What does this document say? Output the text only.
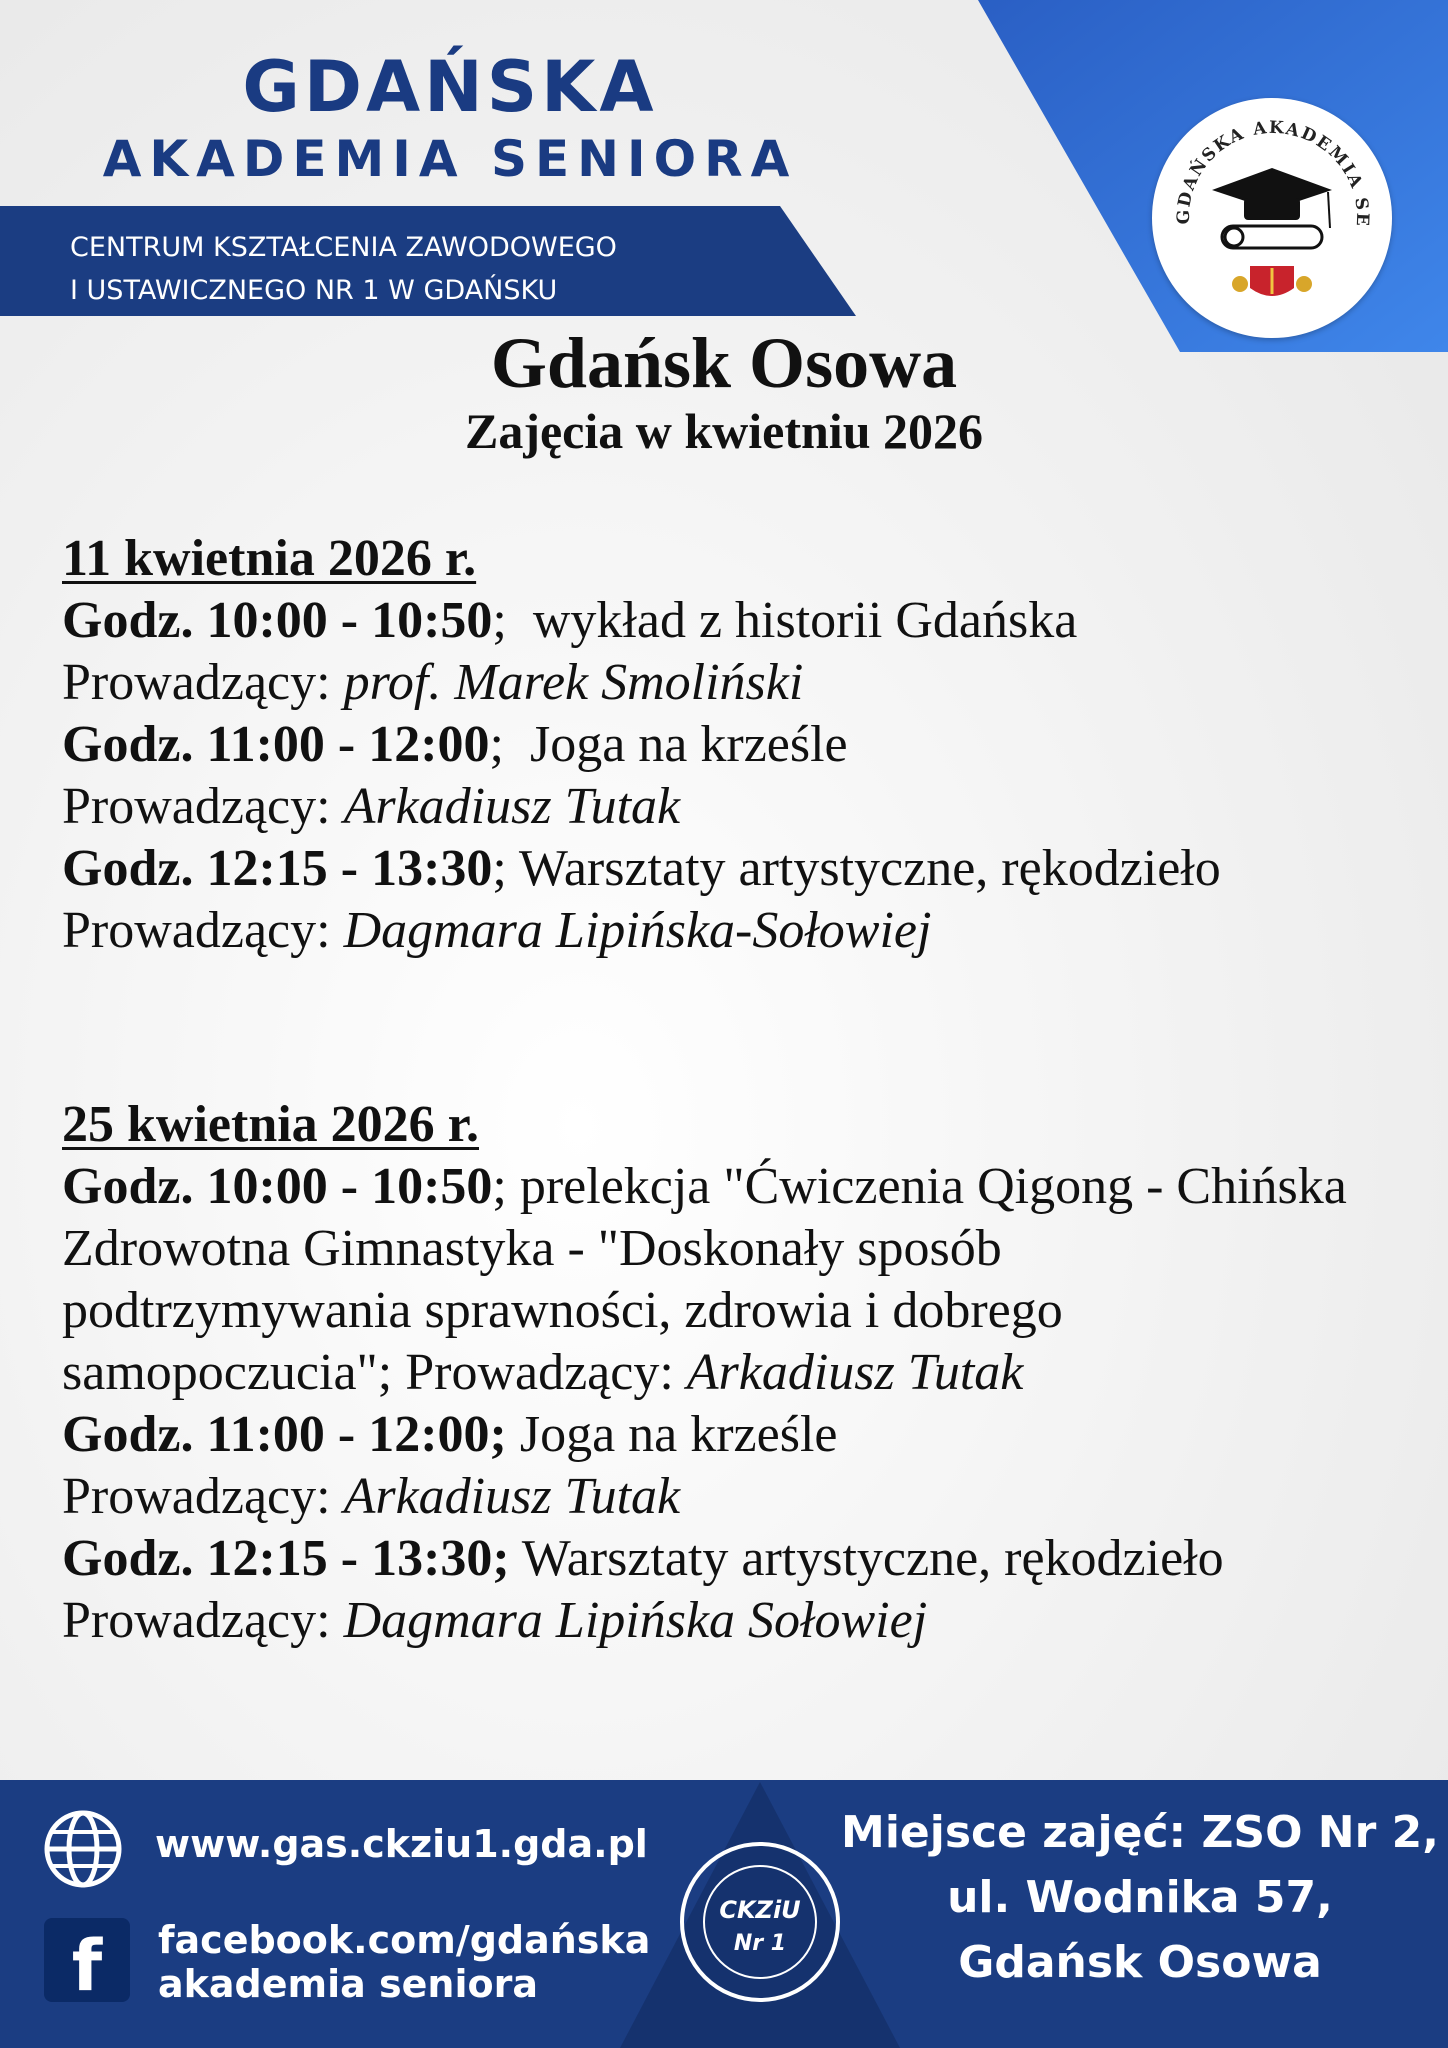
GDAŃSKA AKADEMIA SE
GDAŃSKA
AKADEMIA SENIORA
CENTRUM KSZTAŁCENIA ZAWODOWEGO
I USTAWICZNEGO NR 1 W GDAŃSKU
Gdańsk Osowa
Zajęcia w kwietniu 2026
11 kwietnia 2026 r.
Godz. 10:00 - 10:50;  wykład z historii Gdańska
Prowadzący: prof. Marek Smoliński
Godz. 11:00 - 12:00;  Joga na krześle
Prowadzący: Arkadiusz Tutak
Godz. 12:15 - 13:30; Warsztaty artystyczne, rękodzieło
Prowadzący: Dagmara Lipińska-Sołowiej
25 kwietnia 2026 r.
Godz. 10:00 - 10:50; prelekcja "Ćwiczenia Qigong - Chińska Zdrowotna Gimnastyka - "Doskonały sposób podtrzymywania sprawności, zdrowia i dobrego samopoczucia"; Prowadzący: Arkadiusz Tutak
Godz. 11:00 - 12:00; Joga na krześle
Prowadzący: Arkadiusz Tutak
Godz. 12:15 - 13:30; Warsztaty artystyczne, rękodzieło
Prowadzący: Dagmara Lipińska Sołowiej
www.gas.ckziu1.gda.pl
f	facebook.com/gdańska
akademia seniora
CKZiU
Nr 1
Miejsce zajęć: ZSO Nr 2,
ul. Wodnika 57,
Gdańsk Osowa
